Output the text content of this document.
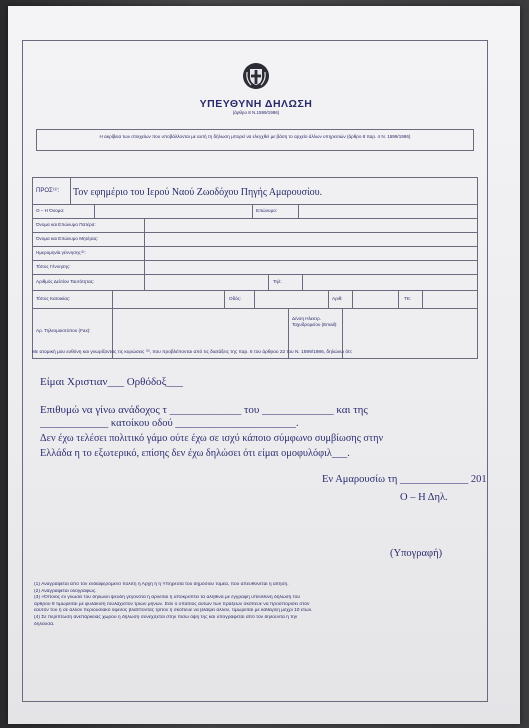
ΥΠΕΥΘΥΝΗ ΔΗΛΩΣΗ
(άρθρο 8 Ν.1599/1986)
Η ακρίβεια των στοιχείων που υποβάλλονται με αυτή τη δήλωση μπορεί να ελεγχθεί με βάση το αρχείο άλλων υπηρεσιών (άρθρο 8 παρ. 4 Ν. 1599/1986)
ΠΡΟΣ⁽¹⁾: Τον εφημέριο του Ιερού Ναού Ζωοδόχου Πηγής Αμαρουσίου.
Ο – Η Όνομα:	Επώνυμο:
Όνομα και Επώνυμο Πατέρα:
Όνομα και Επώνυμο Μητέρας:
Ημερομηνία γέννησης⁽²⁾:
Τόπος Γέννησης:
Αριθμός Δελτίου Ταυτότητας:	Τηλ:
Τόπος Κατοικίας:	Οδός:	Αριθ:	ΤΚ:
Αρ. Τηλεομοιοτύπου (Fax):
Δ/νση Ηλεκτρ. Ταχυδρομείου (Email):
Με ατομική μου ευθύνη και γνωρίζοντας τις κυρώσεις ⁽³⁾, που προβλέπονται από τις διατάξεις της παρ. 6 του άρθρου 22 του Ν. 1599/1986, δηλώνω ότι:
Είμαι Χριστιαν___ Ορθόδοξ___
Επιθυμώ να γίνω ανάδοχος τ _____________ του _____________ και της
_____________ κατοίκου οδού _______________________.
Δεν έχω τελέσει πολιτικό γάμο ούτε έχω σε ισχύ κάποιο σύμφωνο συμβίωσης στην
Ελλάδα η το εξωτερικό, επίσης δεν έχω δηλώσει ότι είμαι ομοφυλόφιλ___.
Εν Αμαρουσίω τη _____________ 201
Ο – Η Δηλ.
(Υπογραφή)
(1) Αναγράφεται από τον ενδιαφερόμενο πολίτη ή Αρχή ή η Υπηρεσία του δημόσιου τομέα, που απευθύνεται η αίτηση.
(2) Αναγράφεται ολογράφως.
(3) «Όποιος εν γνώσει του δηλώνει ψευδή γεγονότα ή αρνείται ή αποκρύπτει τα αληθινά με έγγραφη υπεύθυνη δήλωση του
άρθρου 8 τιμωρείται με φυλάκιση τουλάχιστον τριών μηνών. Εάν ο υπαίτιος αυτών των πράξεων σκόπευε να προσπορίσει στον
εαυτόν του ή σε άλλον περιουσιακό όφελος βλάπτοντας τρίτον ή σκόπευε να βλάψει άλλον, τιμωρείται με κάθειρξη μέχρι 10 ετών.
(4) Σε περίπτωση ανεπάρκειας χώρου η δήλωση συνεχίζεται στην πίσω όψη της και υπογράφεται από τον δηλούντα ή την
δηλούσα.
